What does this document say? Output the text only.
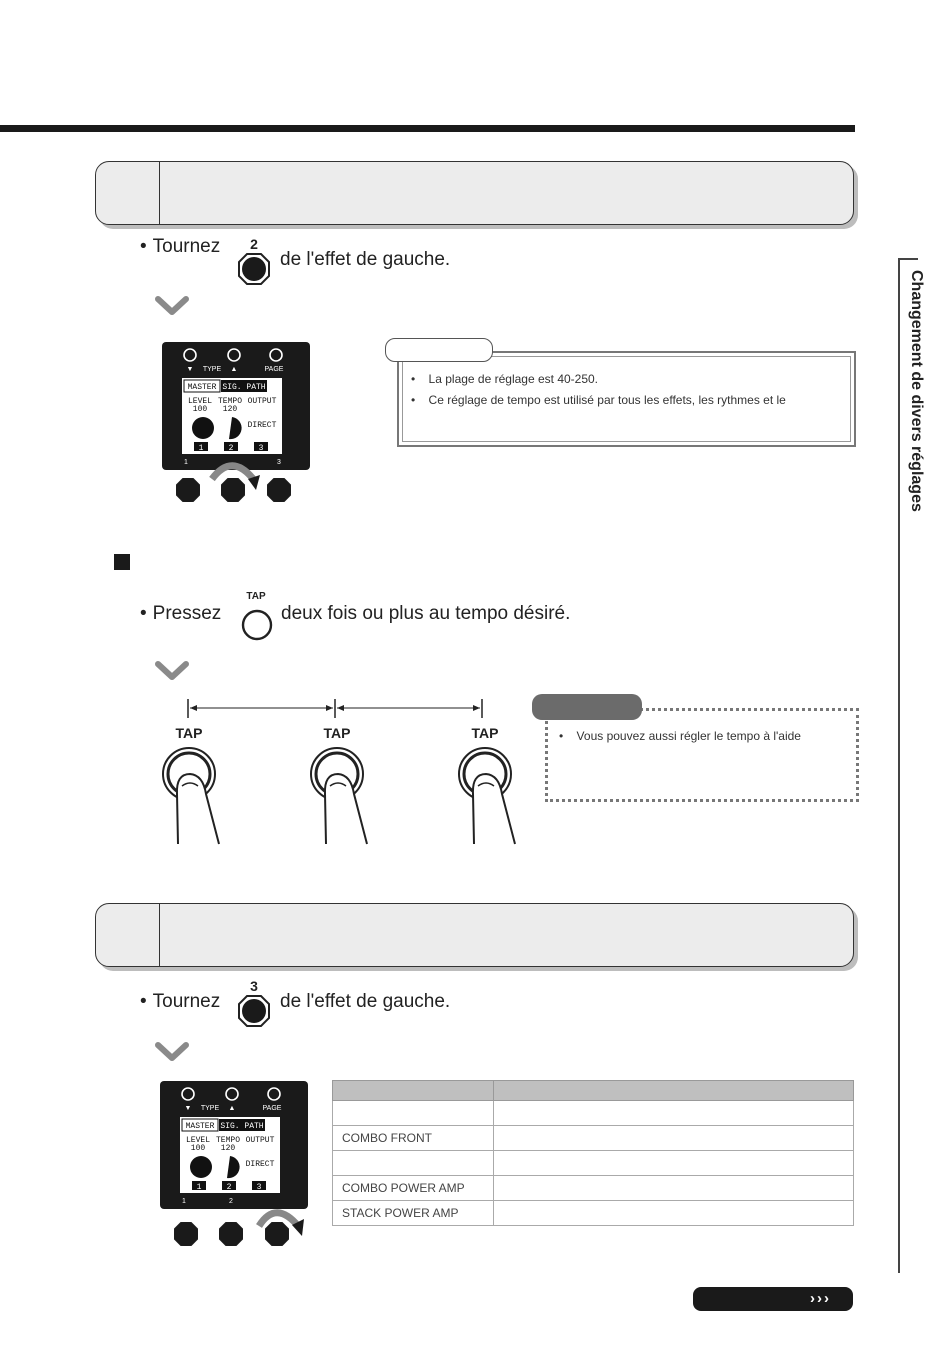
• Tournez 2
de l'effet de gauche.
▼ TYPE ▲	PAGE
MASTER SIG. PATH
LEVEL TEMPO OUTPUT
100 120
DIRECT
1	2	3
1	3
•    La plage de réglage est 40-250.
•    Ce réglage de tempo est utilisé par tous les effets, les rythmes et le
• Pressez
TAP
deux fois ou plus au tempo désiré.
TAP	TAP	TAP	•    Vous pouvez aussi régler le tempo à l'aide
• Tournez
3
de l'effet de gauche.
▼ TYPE ▲	PAGE
MASTER SIG. PATH
LEVEL TEMPO OUTPUT
100 120
DIRECT
1	2	3
1	2

COMBO FRONT	

COMBO POWER AMP	
STACK POWER AMP	
Changement de divers réglages
›››
